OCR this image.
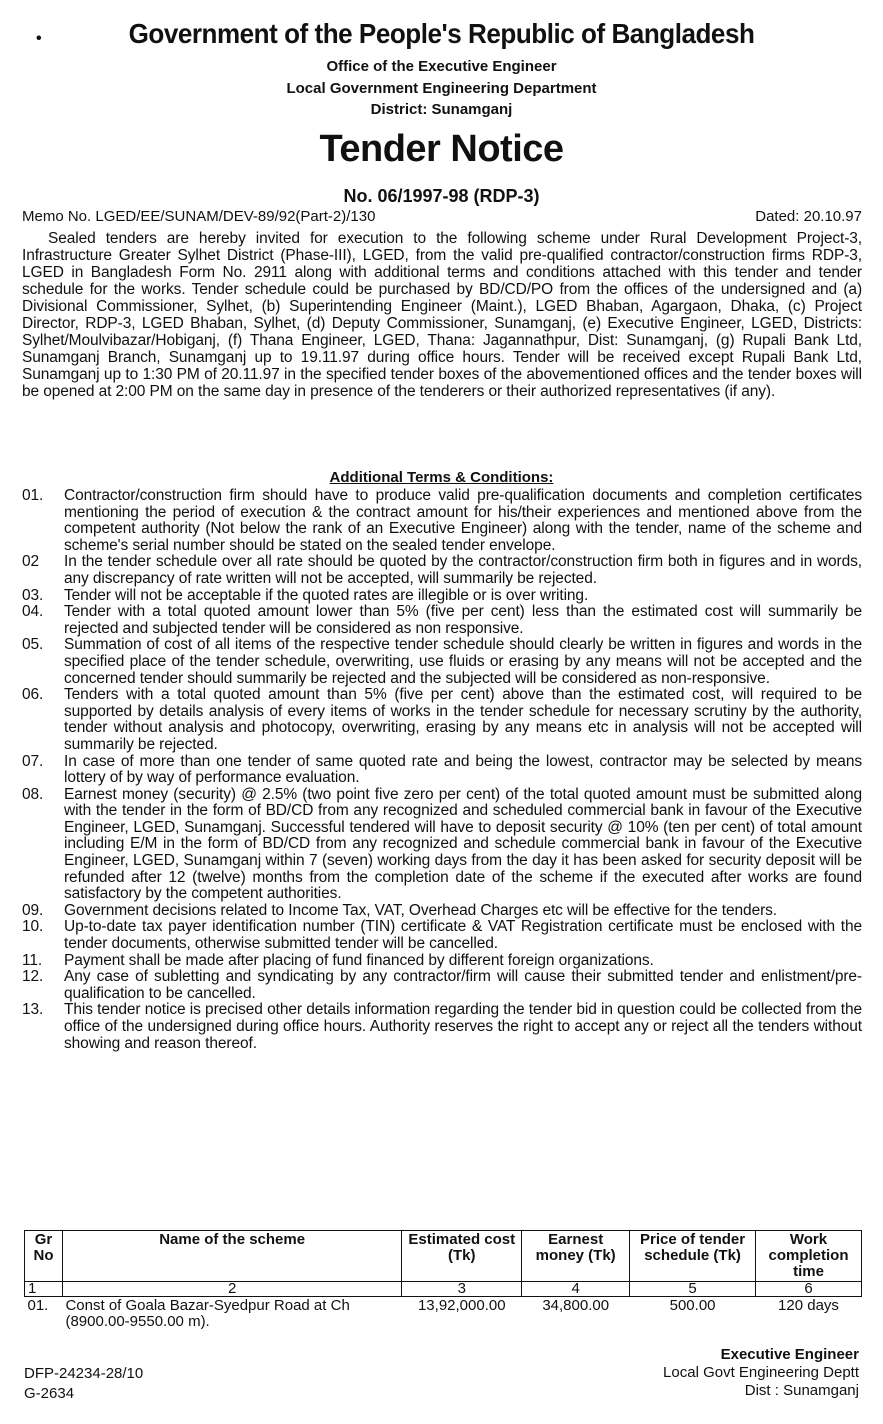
•	Government of the People's Republic of Bangladesh
Office of the Executive Engineer
Local Government Engineering Department
District: Sunamganj
Tender Notice
No. 06/1997-98 (RDP-3)
Memo No. LGED/EE/SUNAM/DEV-89/92(Part-2)/130	Dated: 20.10.97
Sealed tenders are hereby invited for execution to the following scheme under Rural Development Project-3, Infrastructure Greater Sylhet District (Phase-III), LGED, from the valid pre-qualified contractor/construction firms RDP-3, LGED in Bangladesh Form No. 2911 along with additional terms and conditions attached with this tender and tender schedule for the works. Tender schedule could be purchased by BD/CD/PO from the offices of the undersigned and (a) Divisional Commissioner, Sylhet, (b) Superintending Engineer (Maint.), LGED Bhaban, Agargaon, Dhaka, (c) Project Director, RDP-3, LGED Bhaban, Sylhet, (d) Deputy Commissioner, Sunamganj, (e) Executive Engineer, LGED, Districts: Sylhet/Moulvibazar/Hobiganj, (f) Thana Engineer, LGED, Thana: Jagannathpur, Dist: Sunamganj, (g) Rupali Bank Ltd, Sunamganj Branch, Sunamganj up to 19.11.97 during office hours. Tender will be received except Rupali Bank Ltd, Sunamganj up to 1:30 PM of 20.11.97 in the specified tender boxes of the abovementioned offices and the tender boxes will be opened at 2:00 PM on the same day in presence of the tenderers or their authorized representatives (if any).
Additional Terms & Conditions:
01.	Contractor/construction firm should have to produce valid pre-qualification documents and completion certificates mentioning the period of execution & the contract amount for his/their experiences and mentioned above from the competent authority (Not below the rank of an Executive Engineer) along with the tender, name of the scheme and scheme's serial number should be stated on the sealed tender envelope.
02	In the tender schedule over all rate should be quoted by the contractor/construction firm both in figures and in words, any discrepancy of rate written will not be accepted, will summarily be rejected.
03.	Tender will not be acceptable if the quoted rates are illegible or is over writing.
04.	Tender with a total quoted amount lower than 5% (five per cent) less than the estimated cost will summarily be rejected and subjected tender will be considered as non responsive.
05.	Summation of cost of all items of the respective tender schedule should clearly be written in figures and words in the specified place of the tender schedule, overwriting, use fluids or erasing by any means will not be accepted and the concerned tender should summarily be rejected and the subjected will be considered as non-responsive.
06.	Tenders with a total quoted amount than 5% (five per cent) above than the estimated cost, will required to be supported by details analysis of every items of works in the tender schedule for necessary scrutiny by the authority, tender without analysis and photocopy, overwriting, erasing by any means etc in analysis will not be accepted will summarily be rejected.
07.	In case of more than one tender of same quoted rate and being the lowest, contractor may be selected by means lottery of by way of performance evaluation.
08.	Earnest money (security) @ 2.5% (two point five zero per cent) of the total quoted amount must be submitted along with the tender in the form of BD/CD from any recognized and scheduled commercial bank in favour of the Executive Engineer, LGED, Sunamganj. Successful tendered will have to deposit security @ 10% (ten per cent) of total amount including E/M in the form of BD/CD from any recognized and schedule commercial bank in favour of the Executive Engineer, LGED, Sunamganj within 7 (seven) working days from the day it has been asked for security deposit will be refunded after 12 (twelve) months from the completion date of the scheme if the executed after works are found satisfactory by the competent authorities.
09.	Government decisions related to Income Tax, VAT, Overhead Charges etc will be effective for the tenders.
10.	Up-to-date tax payer identification number (TIN) certificate & VAT Registration certificate must be enclosed with the tender documents, otherwise submitted tender will be cancelled.
11.	Payment shall be made after placing of fund financed by different foreign organizations.
12.	Any case of subletting and syndicating by any contractor/firm will cause their submitted tender and enlistment/pre-qualification to be cancelled.
13.	This tender notice is precised other details information regarding the tender bid in question could be collected from the office of the undersigned during office hours. Authority reserves the right to accept any or reject all the tenders without showing and reason thereof.
Gr No	Name of the scheme	Estimated cost (Tk)	Earnest money (Tk)	Price of tender schedule (Tk)	Work completion time
1	2	3	4	5	6
01.	Const of Goala Bazar-Syedpur Road at Ch (8900.00-9550.00 m).	13,92,000.00	34,800.00	500.00	120 days
DFP-24234-28/10
G-2634
Executive Engineer
Local Govt Engineering Deptt
Dist : Sunamganj
